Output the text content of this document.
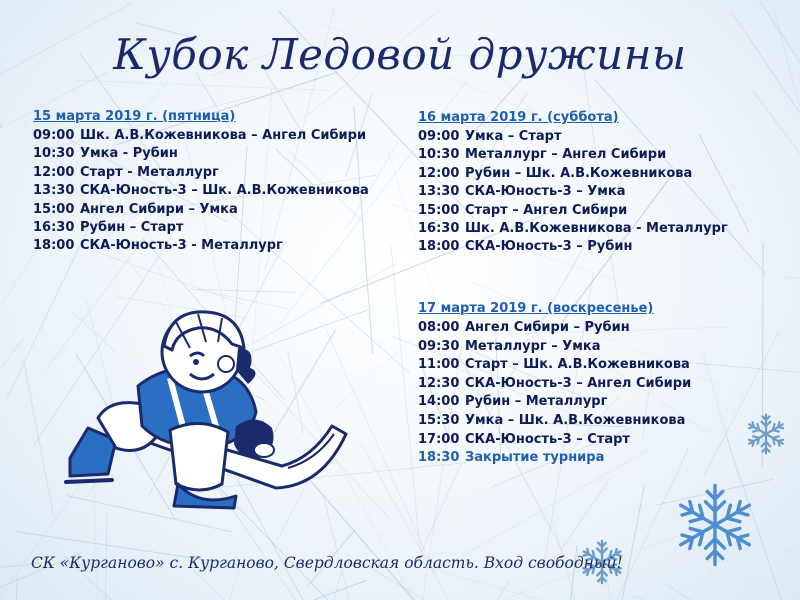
Кубок Ледовой дружины
15 марта 2019 г. (пятница)
09:00 Шк. А.В.Кожевникова – Ангел Сибири
10:30 Умка - Рубин
12:00 Старт - Металлург
13:30 СКА-Юность-3 – Шк. А.В.Кожевникова
15:00 Ангел Сибири – Умка
16:30 Рубин – Старт
18:00 СКА-Юность-3 - Металлург
16 марта 2019 г. (суббота)
09:00 Умка – Старт
10:30 Металлург – Ангел Сибири
12:00 Рубин – Шк. А.В.Кожевникова
13:30 СКА-Юность-3 – Умка
15:00 Старт – Ангел Сибири
16:30 Шк. А.В.Кожевникова - Металлург
18:00 СКА-Юность-3 – Рубин
17 марта 2019 г. (воскресенье)
08:00 Ангел Сибири – Рубин
09:30 Металлург – Умка
11:00 Старт – Шк. А.В.Кожевникова
12:30 СКА-Юность-3 – Ангел Сибири
14:00 Рубин – Металлург
15:30 Умка – Шк. А.В.Кожевникова
17:00 СКА-Юность-3 – Старт
18:30 Закрытие турнира
СК «Курганово» с. Курганово, Свердловская область. Вход свободный!
